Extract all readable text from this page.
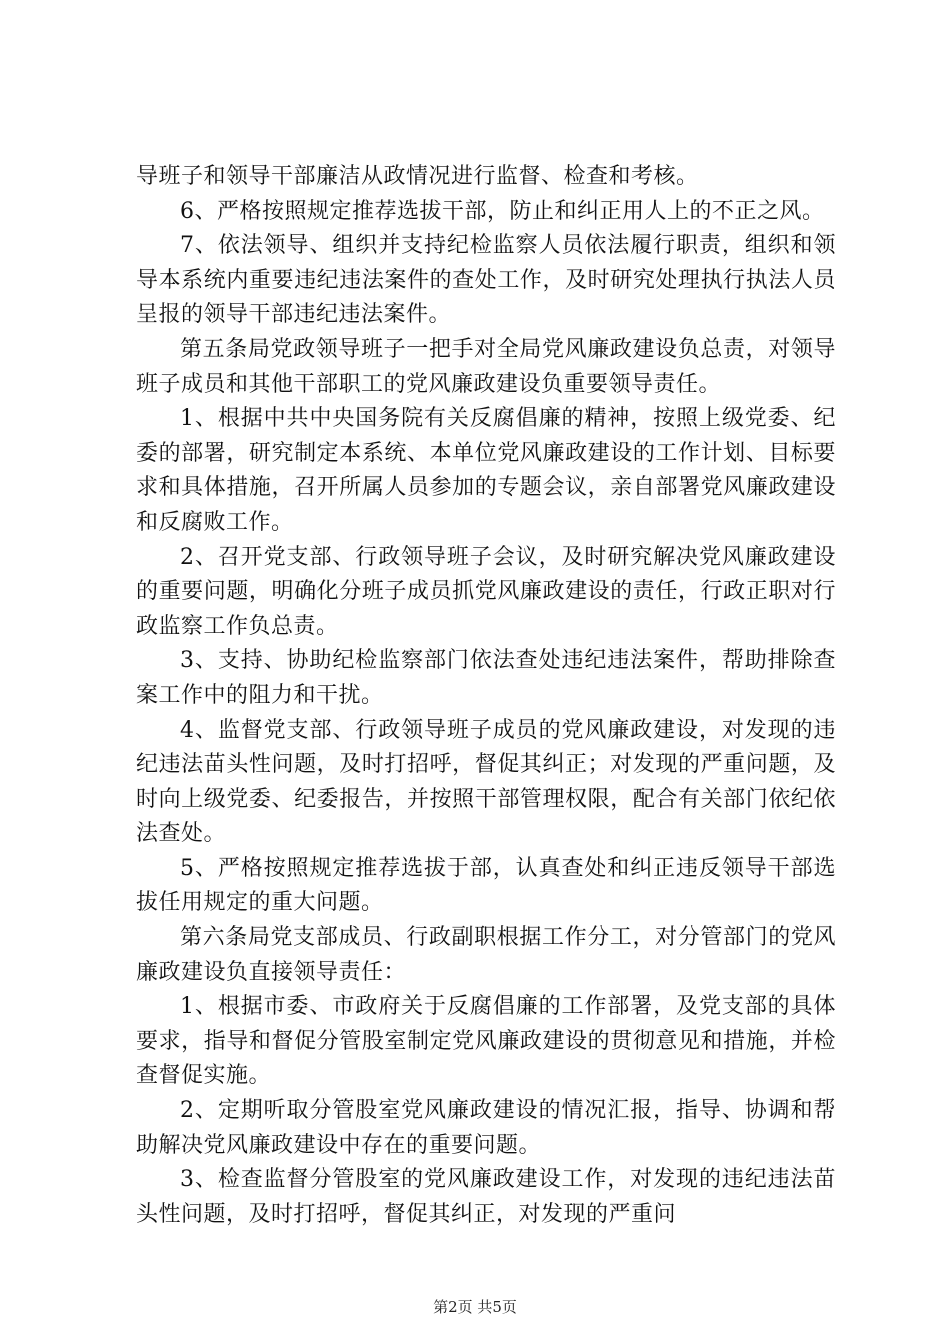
导班子和领导干部廉洁从政情况进行监督、检查和考核。

6、严格按照规定推荐选拔干部，防止和纠正用人上的不正之风。

7、依法领导、组织并支持纪检监察人员依法履行职责，组织和领导本系统内重要违纪违法案件的查处工作，及时研究处理执行执法人员呈报的领导干部违纪违法案件。

第五条局党政领导班子一把手对全局党风廉政建设负总责，对领导班子成员和其他干部职工的党风廉政建设负重要领导责任。

1、根据中共中央国务院有关反腐倡廉的精神，按照上级党委、纪委的部署，研究制定本系统、本单位党风廉政建设的工作计划、目标要求和具体措施，召开所属人员参加的专题会议，亲自部署党风廉政建设和反腐败工作。

2、召开党支部、行政领导班子会议，及时研究解决党风廉政建设的重要问题，明确化分班子成员抓党风廉政建设的责任，行政正职对行政监察工作负总责。

3、支持、协助纪检监察部门依法查处违纪违法案件，帮助排除查案工作中的阻力和干扰。

4、监督党支部、行政领导班子成员的党风廉政建设，对发现的违纪违法苗头性问题，及时打招呼，督促其纠正；对发现的严重问题，及时向上级党委、纪委报告，并按照干部管理权限，配合有关部门依纪依法查处。

5、严格按照规定推荐选拔于部，认真查处和纠正违反领导干部选拔任用规定的重大问题。

第六条局党支部成员、行政副职根据工作分工，对分管部门的党风廉政建设负直接领导责任：

1、根据市委、市政府关于反腐倡廉的工作部署，及党支部的具体要求，指导和督促分管股室制定党风廉政建设的贯彻意见和措施，并检查督促实施。

2、定期听取分管股室党风廉政建设的情况汇报，指导、协调和帮助解决党风廉政建设中存在的重要问题。

3、检查监督分管股室的党风廉政建设工作，对发现的违纪违法苗头性问题，及时打招呼，督促其纠正，对发现的严重问

第2页 共5页
